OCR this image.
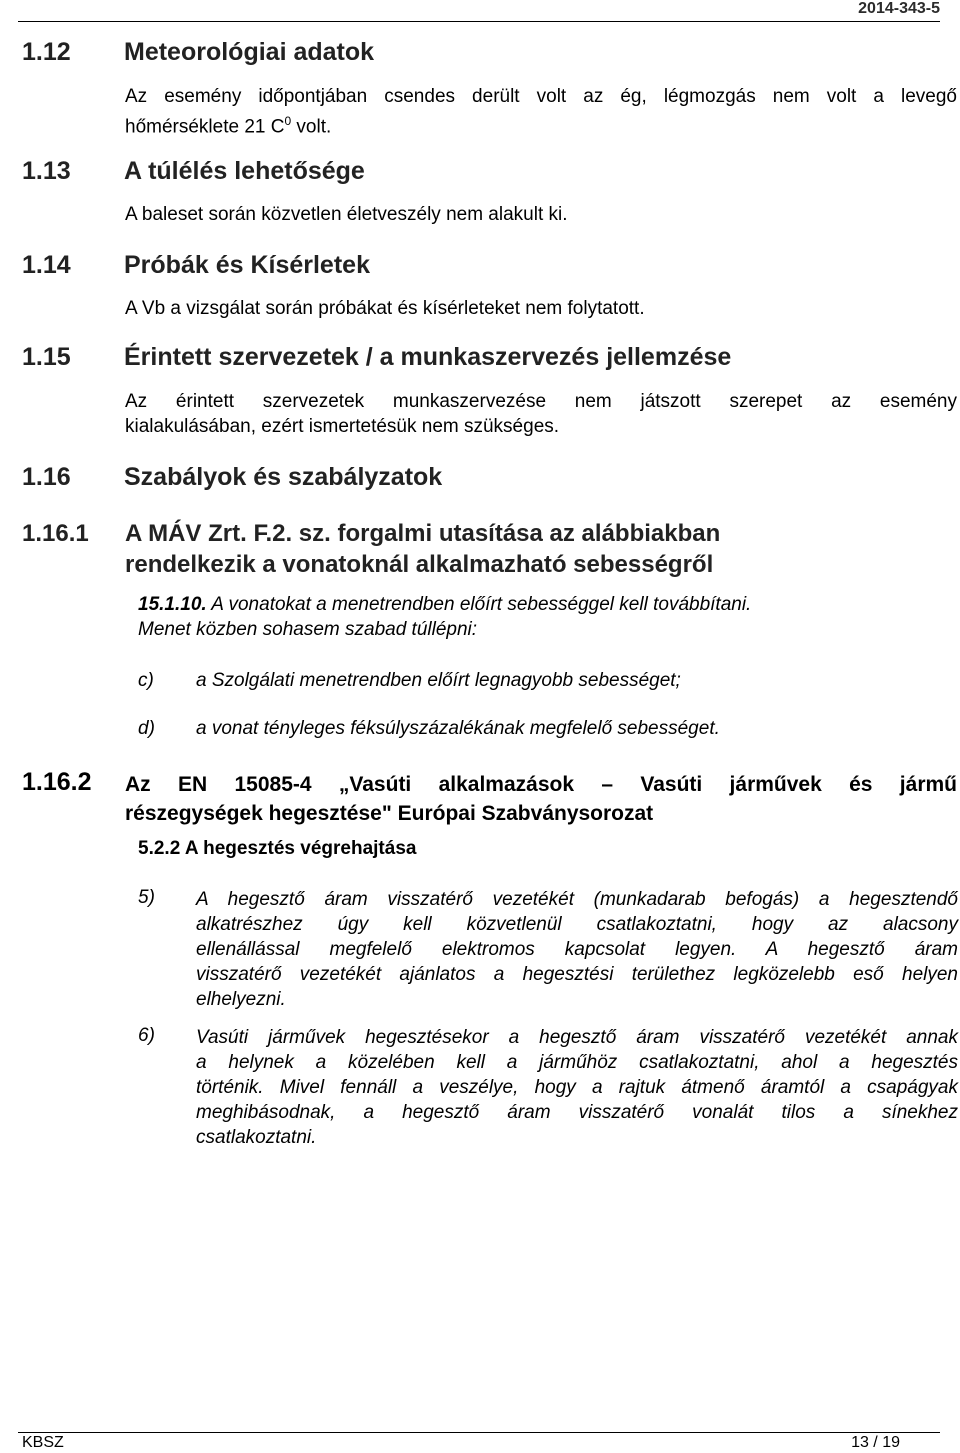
2014-343-5
1.12 Meteorológiai adatok
Az esemény időpontjában csendes derült volt az ég, légmozgás nem volt a levegő
hőmérséklete 21 $C^0$ volt.
1.13 A túlélés lehetősége
A baleset során közvetlen életveszély nem alakult ki.
1.14 Próbák és Kísérletek
A Vb a vizsgálat során próbákat és kísérleteket nem folytatott.
1.15 Érintett szervezetek / a munkaszervezés jellemzése
Az érintett szervezetek munkaszervezése nem játszott szerepet az esemény
kialakulásában, ezért ismertetésük nem szükséges.
1.16 Szabályok és szabályzatok
1.16.1 A MÁV Zrt. F.2. sz. forgalmi utasítása az alábbiakban
rendelkezik a vonatoknál alkalmazható sebességről
15.1.10. A vonatokat a menetrendben előírt sebességgel kell továbbítani.
Menet közben sohasem szabad túllépni:
c) a Szolgálati menetrendben előírt legnagyobb sebességet;
d) a vonat tényleges féksúlyszázalékának megfelelő sebességet.
1.16.2 Az EN 15085-4 „Vasúti alkalmazások – Vasúti járművek és jármű
részegységek hegesztése" Európai Szabványsorozat
5.2.2 A hegesztés végrehajtása
5) A hegesztő áram visszatérő vezetékét (munkadarab befogás) a hegesztendő
alkatrészhez úgy kell közvetlenül csatlakoztatni, hogy az alacsony
ellenállással megfelelő elektromos kapcsolat legyen. A hegesztő áram
visszatérő vezetékét ajánlatos a hegesztési területhez legközelebb eső helyen
elhelyezni.
6) Vasúti járművek hegesztésekor a hegesztő áram visszatérő vezetékét annak
a helynek a közelében kell a járműhöz csatlakoztatni, ahol a hegesztés
történik. Mivel fennáll a veszélye, hogy a rajtuk átmenő áramtól a csapágyak
meghibásodnak, a hegesztő áram visszatérő vonalát tilos a sínekhez
csatlakoztatni.
KBSZ	13 / 19
